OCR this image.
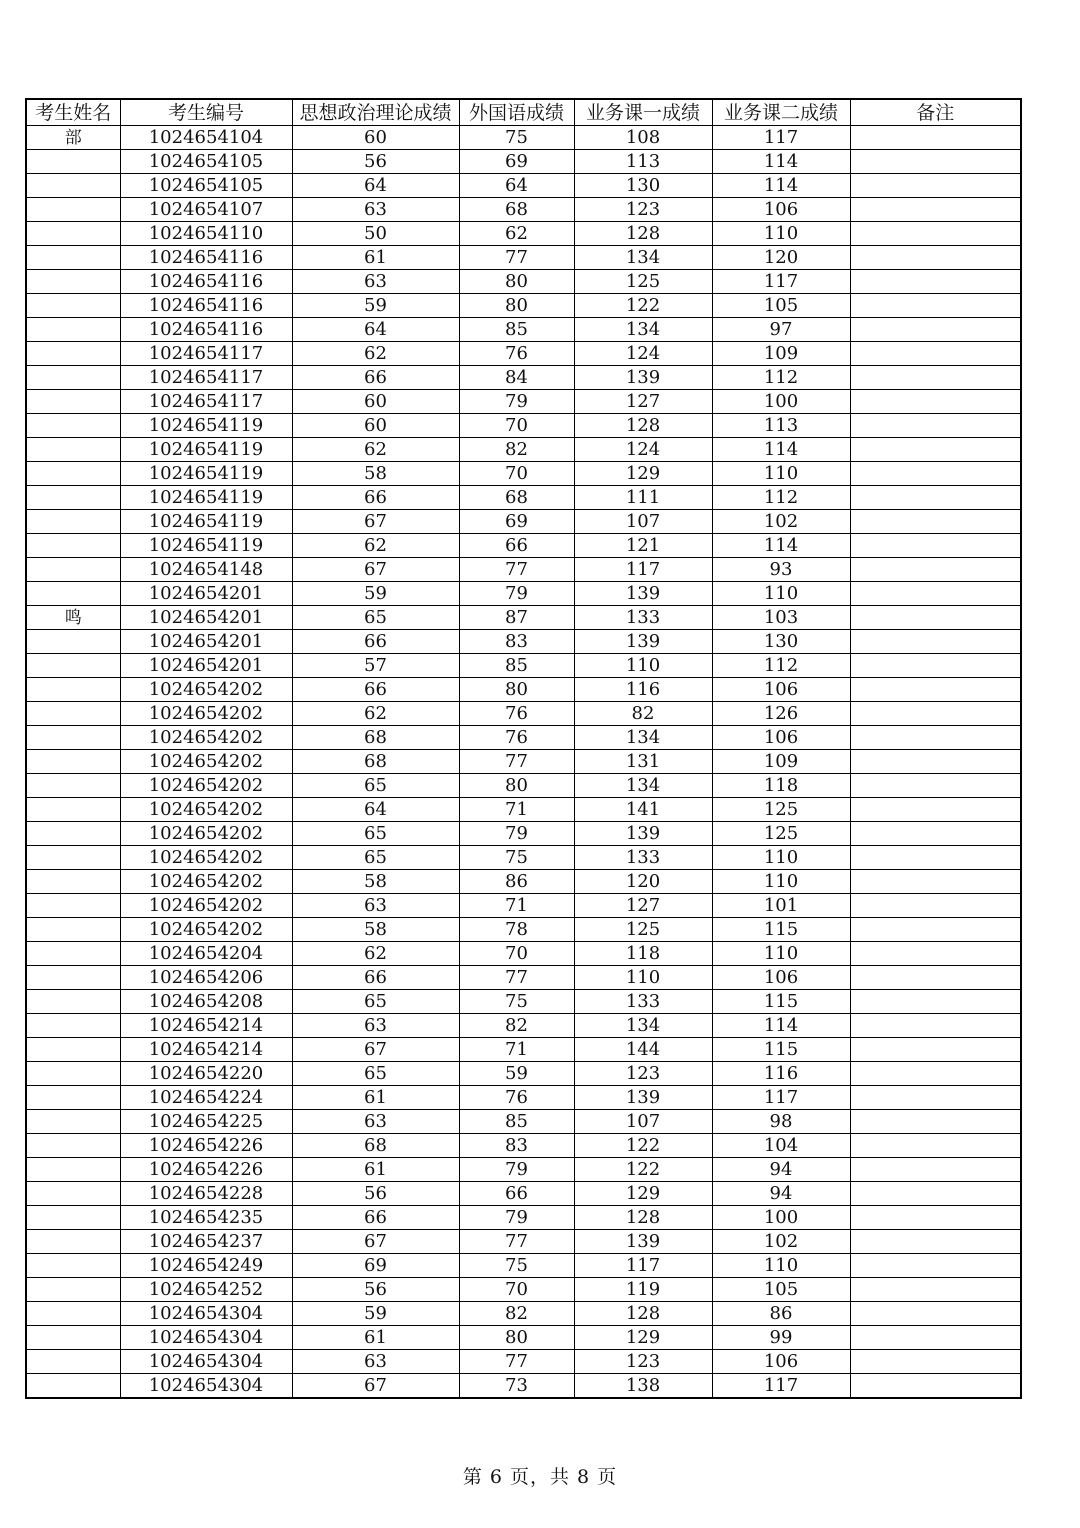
考生姓名	考生编号	思想政治理论成绩	外国语成绩	业务课一成绩	业务课二成绩	备注
部	1024654104	60	75	108	117	
	1024654105	56	69	113	114	
	1024654105	64	64	130	114	
	1024654107	63	68	123	106	
	1024654110	50	62	128	110	
	1024654116	61	77	134	120	
	1024654116	63	80	125	117	
	1024654116	59	80	122	105	
	1024654116	64	85	134	97	
	1024654117	62	76	124	109	
	1024654117	66	84	139	112	
	1024654117	60	79	127	100	
	1024654119	60	70	128	113	
	1024654119	62	82	124	114	
	1024654119	58	70	129	110	
	1024654119	66	68	111	112	
	1024654119	67	69	107	102	
	1024654119	62	66	121	114	
	1024654148	67	77	117	93	
	1024654201	59	79	139	110	
鸣	1024654201	65	87	133	103	
	1024654201	66	83	139	130	
	1024654201	57	85	110	112	
	1024654202	66	80	116	106	
	1024654202	62	76	82	126	
	1024654202	68	76	134	106	
	1024654202	68	77	131	109	
	1024654202	65	80	134	118	
	1024654202	64	71	141	125	
	1024654202	65	79	139	125	
	1024654202	65	75	133	110	
	1024654202	58	86	120	110	
	1024654202	63	71	127	101	
	1024654202	58	78	125	115	
	1024654204	62	70	118	110	
	1024654206	66	77	110	106	
	1024654208	65	75	133	115	
	1024654214	63	82	134	114	
	1024654214	67	71	144	115	
	1024654220	65	59	123	116	
	1024654224	61	76	139	117	
	1024654225	63	85	107	98	
	1024654226	68	83	122	104	
	1024654226	61	79	122	94	
	1024654228	56	66	129	94	
	1024654235	66	79	128	100	
	1024654237	67	77	139	102	
	1024654249	69	75	117	110	
	1024654252	56	70	119	105	
	1024654304	59	82	128	86	
	1024654304	61	80	129	99	
	1024654304	63	77	123	106	
	1024654304	67	73	138	117	
第 6 页，共 8 页
